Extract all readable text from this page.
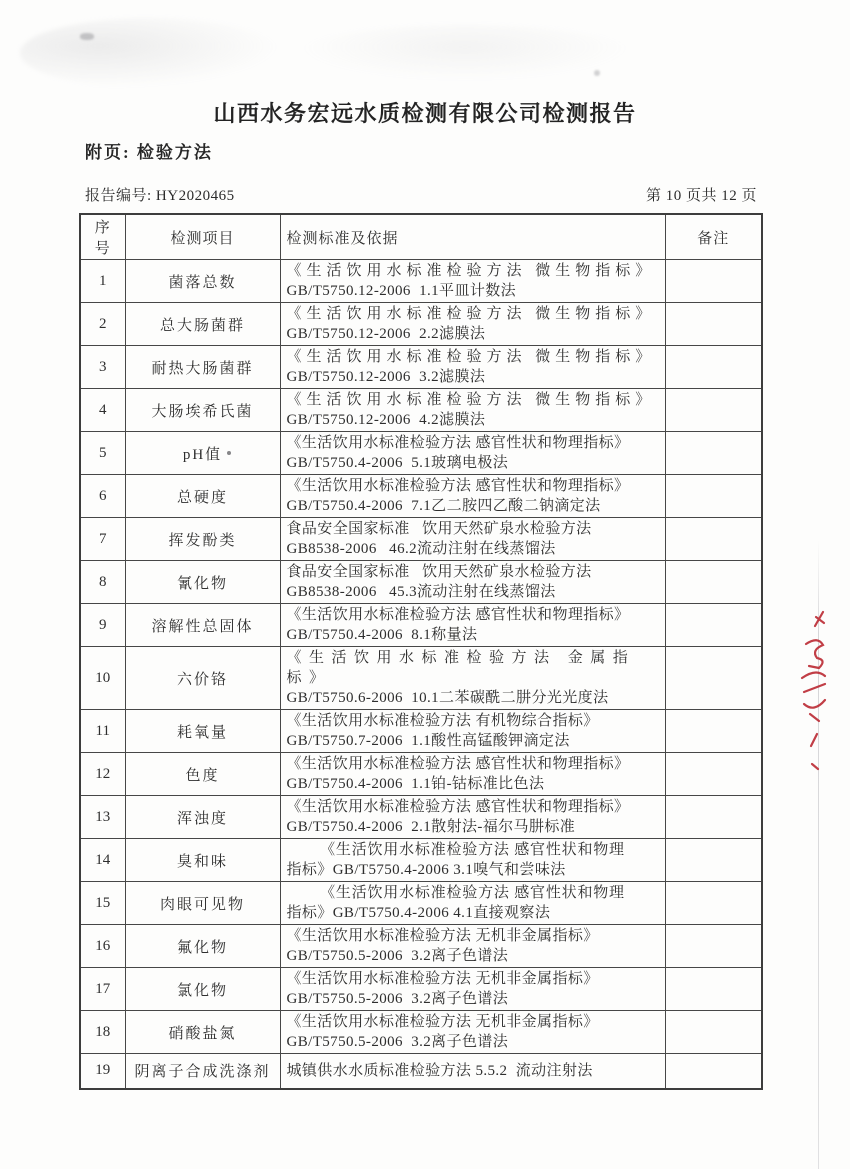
山西水务宏远水质检测有限公司检测报告
附页: 检验方法
报告编号: HY2020465	第 10 页共 12 页
序号	检测项目	检测标准及依据	备注
1	菌落总数	《生活饮用水标准检验方法 微生物指标》
GB/T5750.12-2006  1.1平皿计数法	

2	总大肠菌群	《生活饮用水标准检验方法 微生物指标》
GB/T5750.12-2006  2.2滤膜法	

3	耐热大肠菌群	《生活饮用水标准检验方法 微生物指标》
GB/T5750.12-2006  3.2滤膜法	

4	大肠埃希氏菌	《生活饮用水标准检验方法 微生物指标》
GB/T5750.12-2006  4.2滤膜法	

5	pH值	《生活饮用水标准检验方法 感官性状和物理指标》
GB/T5750.4-2006  5.1玻璃电极法	

6	总硬度	《生活饮用水标准检验方法 感官性状和物理指标》
GB/T5750.4-2006  7.1乙二胺四乙酸二钠滴定法	

7	挥发酚类	食品安全国家标准   饮用天然矿泉水检验方法
GB8538-2006   46.2流动注射在线蒸馏法	

8	氰化物	食品安全国家标准   饮用天然矿泉水检验方法
GB8538-2006   45.3流动注射在线蒸馏法	

9	溶解性总固体	《生活饮用水标准检验方法 感官性状和物理指标》
GB/T5750.4-2006  8.1称量法	

10	六价铬	《生活饮用水标准检验方法 金属指标》
GB/T5750.6-2006  10.1二苯碳酰二肼分光光度法	

11	耗氧量	《生活饮用水标准检验方法 有机物综合指标》
GB/T5750.7-2006  1.1酸性高锰酸钾滴定法	

12	色度	《生活饮用水标准检验方法 感官性状和物理指标》
GB/T5750.4-2006  1.1铂-钴标准比色法	

13	浑浊度	《生活饮用水标准检验方法 感官性状和物理指标》
GB/T5750.4-2006  2.1散射法-福尔马肼标准	

14	臭和味	《生活饮用水标准检验方法 感官性状和物理
指标》GB/T5750.4-2006 3.1嗅气和尝味法	

15	肉眼可见物	《生活饮用水标准检验方法 感官性状和物理
指标》GB/T5750.4-2006 4.1直接观察法	

16	氟化物	《生活饮用水标准检验方法 无机非金属指标》
GB/T5750.5-2006  3.2离子色谱法	

17	氯化物	《生活饮用水标准检验方法 无机非金属指标》
GB/T5750.5-2006  3.2离子色谱法	

18	硝酸盐氮	《生活饮用水标准检验方法 无机非金属指标》
GB/T5750.5-2006  3.2离子色谱法	

19	阴离子合成洗涤剂	城镇供水水质标准检验方法 5.5.2  流动注射法	
